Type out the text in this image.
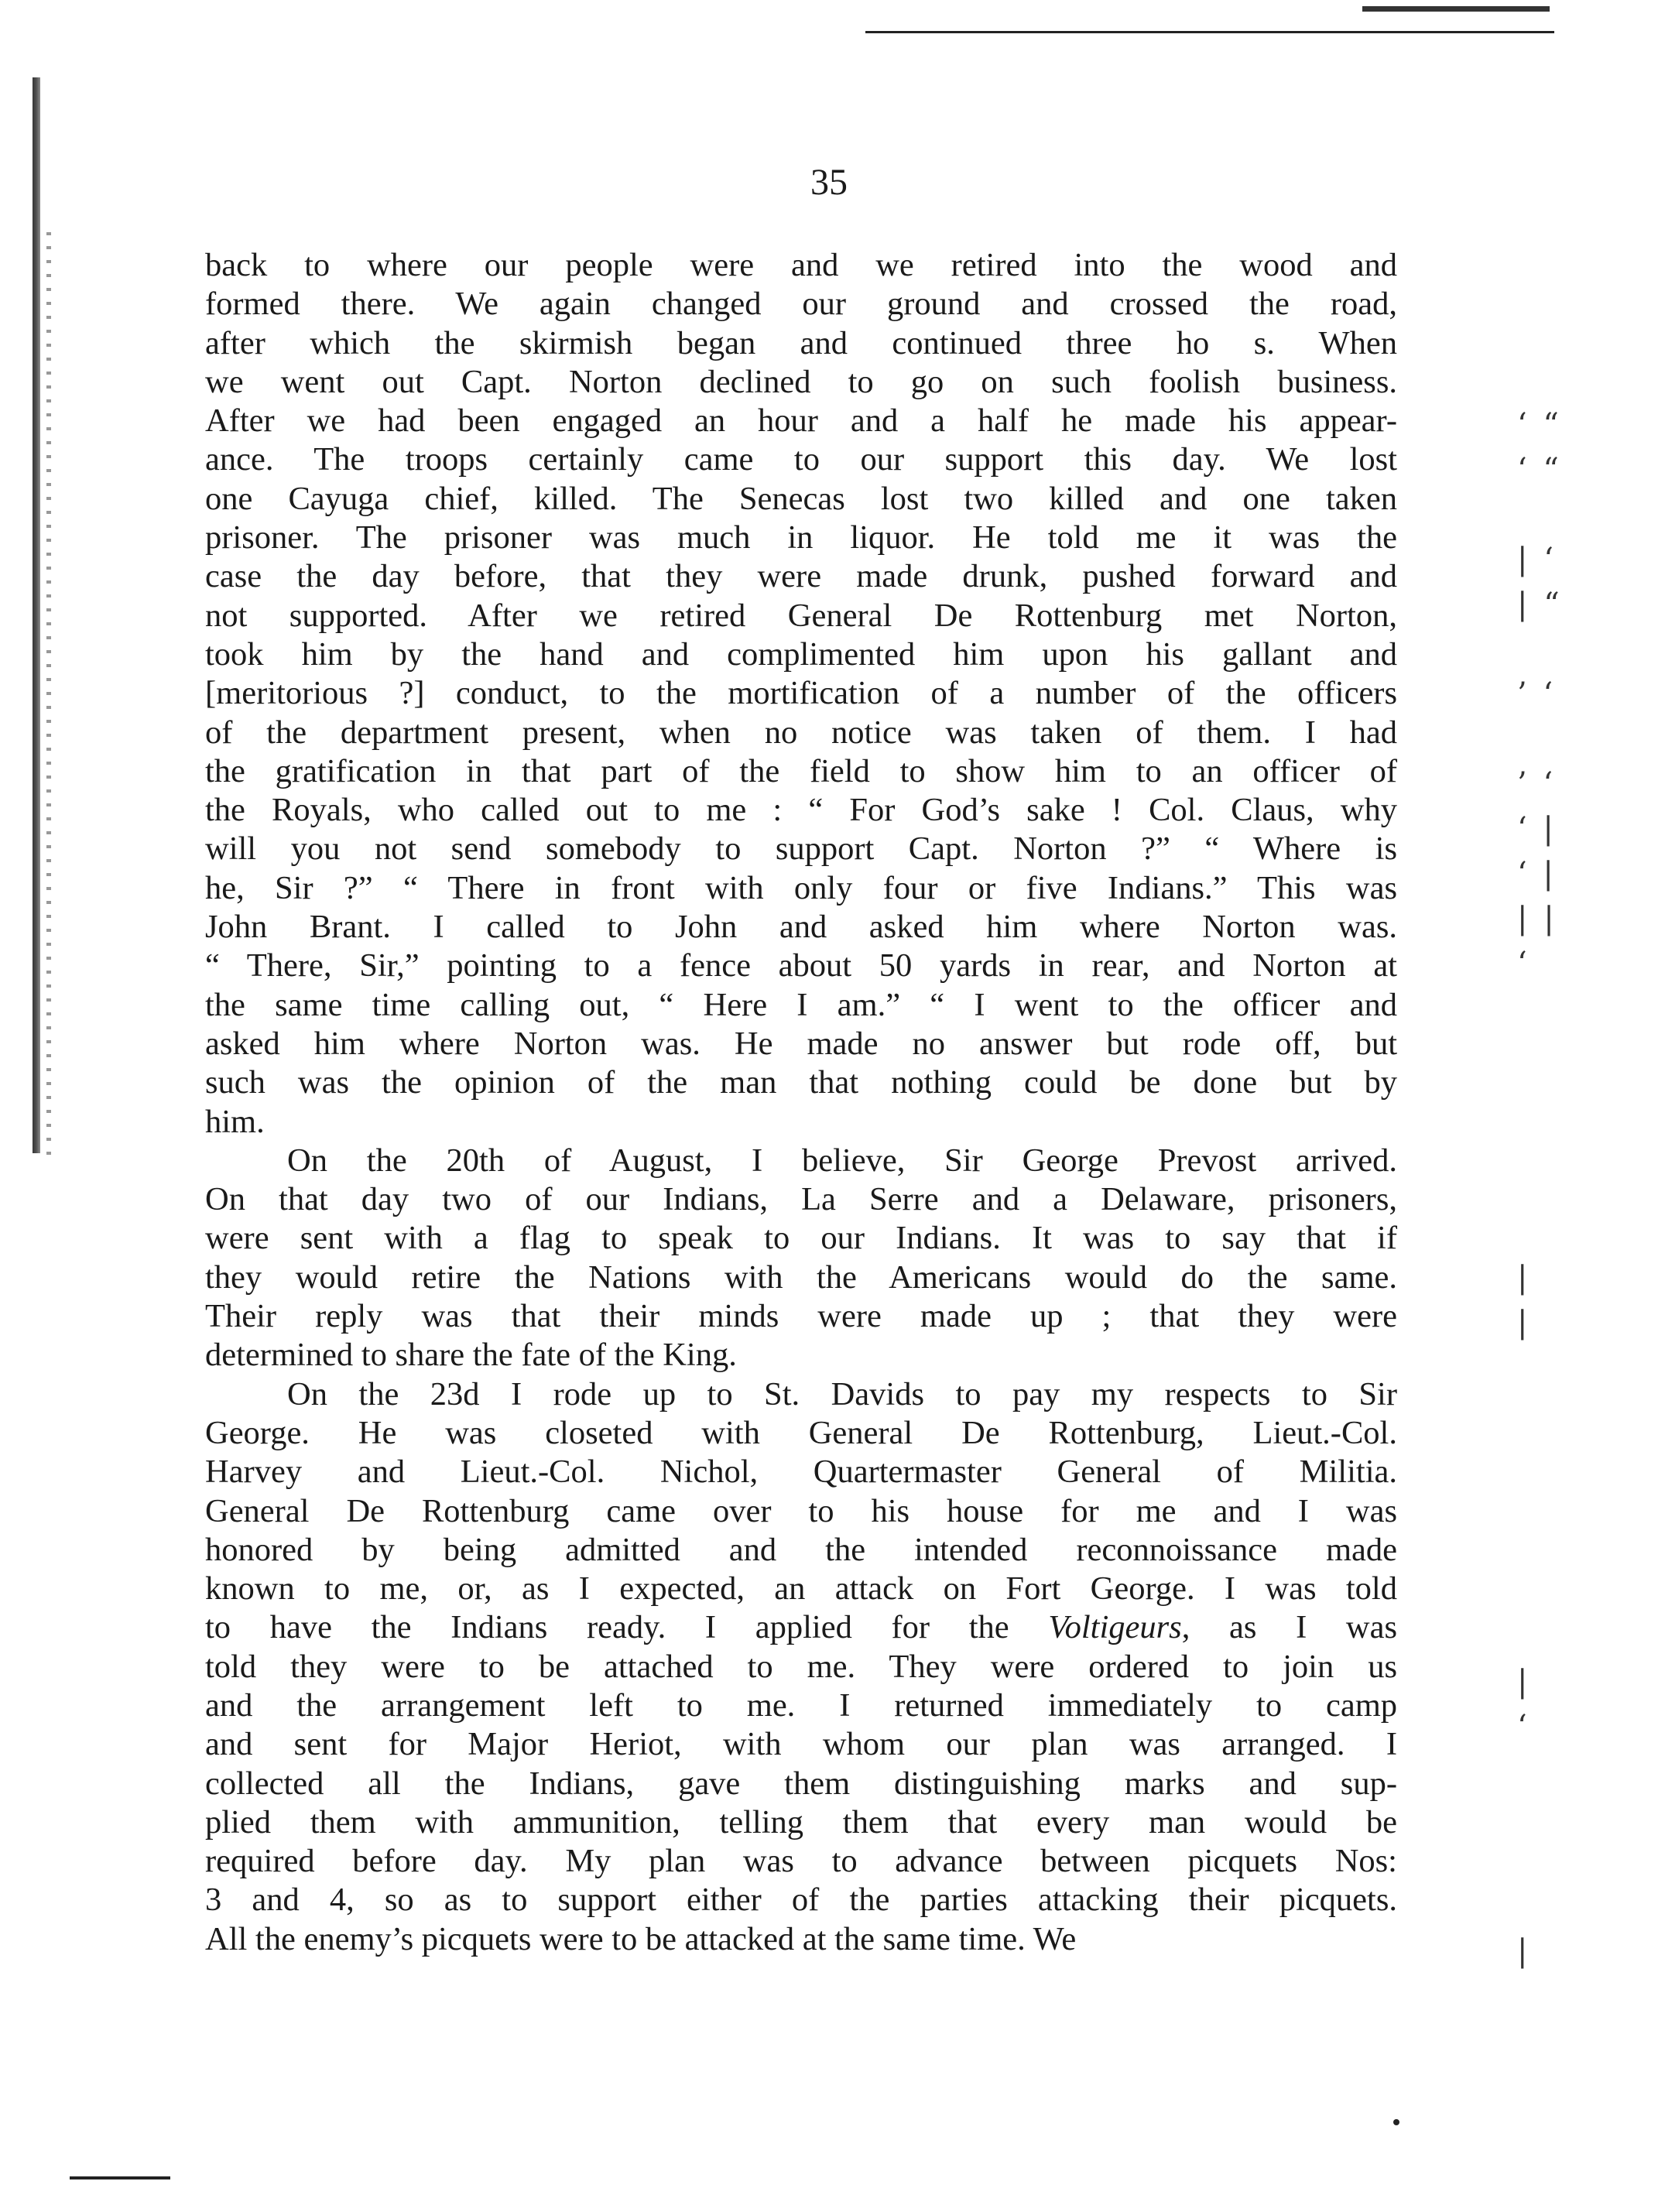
35
back to where our people were and we retired into the wood and
formed there. We again changed our ground and crossed the road,
after which the skirmish began and continued three ho s. When
we went out Capt. Norton declined to go on such foolish business.
After we had been engaged an hour and a half he made his appear-
ance. The troops certainly came to our support this day. We lost
one Cayuga chief, killed. The Senecas lost two killed and one taken
prisoner. The prisoner was much in liquor. He told me it was the
case the day before, that they were made drunk, pushed forward and
not supported. After we retired General De Rottenburg met Norton,
took him by the hand and complimented him upon his gallant and
[meritorious ?] conduct, to the mortification of a number of the officers
of the department present, when no notice was taken of them. I had
the gratification in that part of the field to show him to an officer of
the Royals, who called out to me : “ For God’s sake ! Col. Claus, why
will you not send somebody to support Capt. Norton ?” “ Where is
he, Sir ?” “ There in front with only four or five Indians.” This was
John Brant. I called to John and asked him where Norton was.
“ There, Sir,” pointing to a fence about 50 yards in rear, and Norton at
the same time calling out, “ Here I am.” “ I went to the officer and
asked him where Norton was. He made no answer but rode off, but
such was the opinion of the man that nothing could be done but by
him.
On the 20th of August, I believe, Sir George Prevost arrived.
On that day two of our Indians, La Serre and a Delaware, prisoners,
were sent with a flag to speak to our Indians. It was to say that if
they would retire the Nations with the Americans would do the same.
Their reply was that their minds were made up ; that they were
determined to share the fate of the King.
On the 23d I rode up to St. Davids to pay my respects to Sir
George. He was closeted with General De Rottenburg, Lieut.-Col.
Harvey and Lieut.-Col. Nichol, Quartermaster General of Militia.
General De Rottenburg came over to his house for me and I was
honored by being admitted and the intended reconnoissance made
known to me, or, as I expected, an attack on Fort George. I was told
to have the Indians ready. I applied for the Voltigeurs, as I was
told they were to be attached to me. They were ordered to join us
and the arrangement left to me. I returned immediately to camp
and sent for Major Heriot, with whom our plan was arranged. I
collected all the Indians, gave them distinguishing marks and sup-
plied them with ammunition, telling them that every man would be
required before day. My plan was to advance between picquets Nos:
3 and 4, so as to support either of the parties attacking their picquets.
All the enemy’s picquets were to be attacked at the same time. We
‘ “
‘ “

| ‘
| “

’ ‘

’ ‘
‘ |
‘ |
| |
‘

|
|

|
‘

|
